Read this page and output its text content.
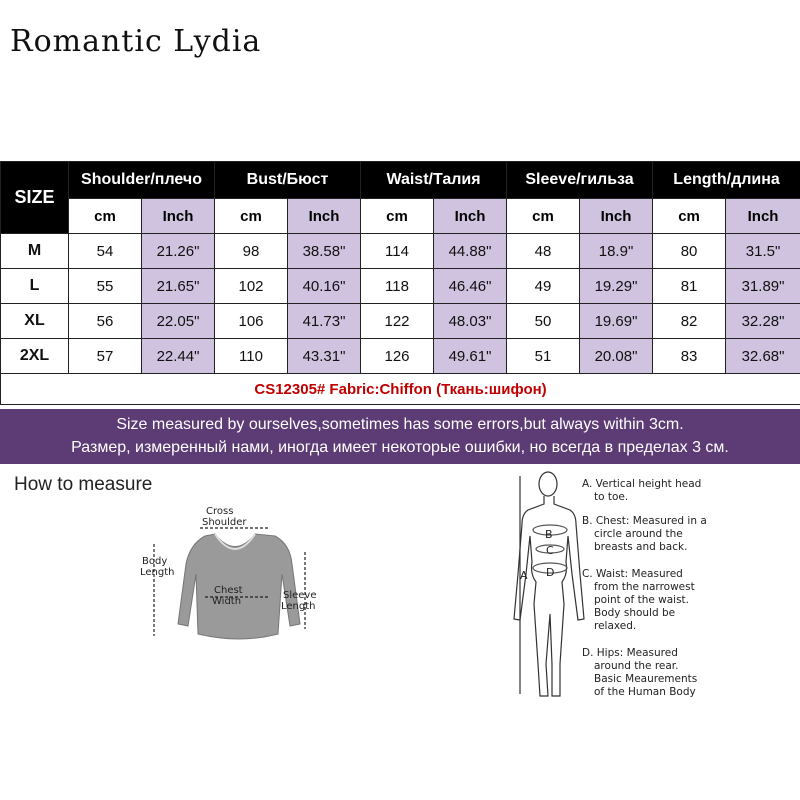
Romantic Lydia
SIZE	Shoulder/плечо		Bust/Бюст		Waist/Талия		Sleeve/гильза		Length/длина	
	cm	Inch	cm	Inch	cm	Inch	cm	Inch	cm	Inch
M	54	21.26"	98	38.58"	114	44.88"	48	18.9"	80	31.5"
L	55	21.65"	102	40.16"	118	46.46"	49	19.29"	81	31.89"
XL	56	22.05"	106	41.73"	122	48.03"	50	19.69"	82	32.28"
2XL	57	22.44"	110	43.31"	126	49.61"	51	20.08"	83	32.68"
CS12305# Fabric:Chiffon (Ткань:шифон)										
Size measured by ourselves,sometimes has some errors,but always within 3cm.
Размер, измеренный нами, иногда имеет некоторые ошибки, но всегда в пределах 3 см.
How to measure
Cross
Shoulder
Body
Length
Chest
Width
Sleeve
Length
A
B
C
D
A. Vertical height head
to toe.
B. Chest: Measured in a
circle around the
breasts and back.
C. Waist: Measured
from the narrowest
point of the waist.
Body should be
relaxed.
D. Hips: Measured
around the rear.
Basic Meaurements
of the Human Body
